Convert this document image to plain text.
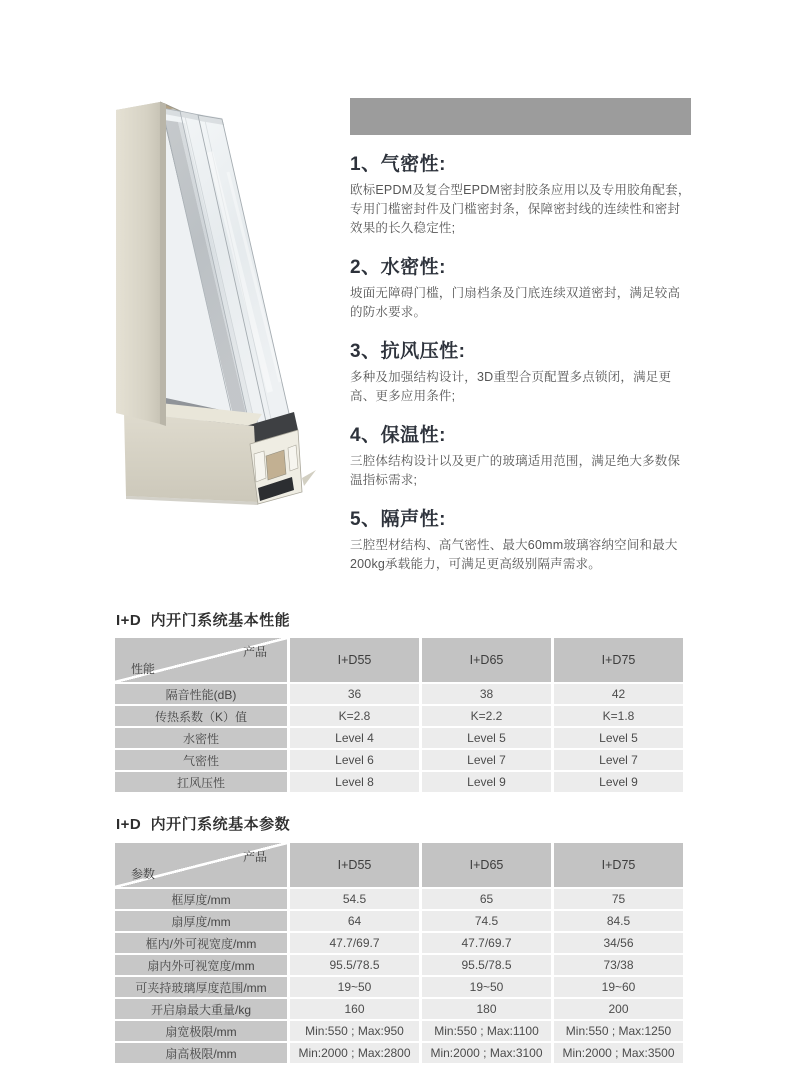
I+D  系统产品特点介绍

1、气密性:

欧标EPDM及复合型EPDM密封胶条应用以及专用胶角配套，专用门槛密封件及门槛密封条，保障密封线的连续性和密封效果的长久稳定性;

2、水密性:

坡面无障碍门槛，门扇档条及门底连续双道密封，满足较高的防水要求。

3、抗风压性:

多种及加强结构设计，3D重型合页配置多点锁闭，满足更高、更多应用条件;

4、保温性:

三腔体结构设计以及更广的玻璃适用范围，满足绝大多数保温指标需求;

5、隔声性:

三腔型材结构、高气密性、最大60mm玻璃容纳空间和最大200kg承载能力，可满足更高级别隔声需求。

I+D  内开门系统基本性能
产品
性能
I+D55	I+D65	I+D75
隔音性能(dB)	36	38	42
传热系数（K）值	K=2.8	K=2.2	K=1.8
水密性	Level 4	Level 5	Level 5
气密性	Level 6	Level 7	Level 7
扛风压性	Level 8	Level 9	Level 9
I+D  内开门系统基本参数
产品
参数
I+D55	I+D65	I+D75
框厚度/mm	54.5	65	75
扇厚度/mm	64	74.5	84.5
框内/外可视宽度/mm	47.7/69.7	47.7/69.7	34/56
扇内外可视宽度/mm	95.5/78.5	95.5/78.5	73/38
可夹持玻璃厚度范围/mm	19~50	19~50	19~60
开启扇最大重量/kg	160	180	200
扇宽极限/mm	Min:550 ; Max:950	Min:550 ; Max:1100	Min:550 ; Max:1250
扇高极限/mm	Min:2000 ; Max:2800	Min:2000 ; Max:3100	Min:2000 ; Max:3500
